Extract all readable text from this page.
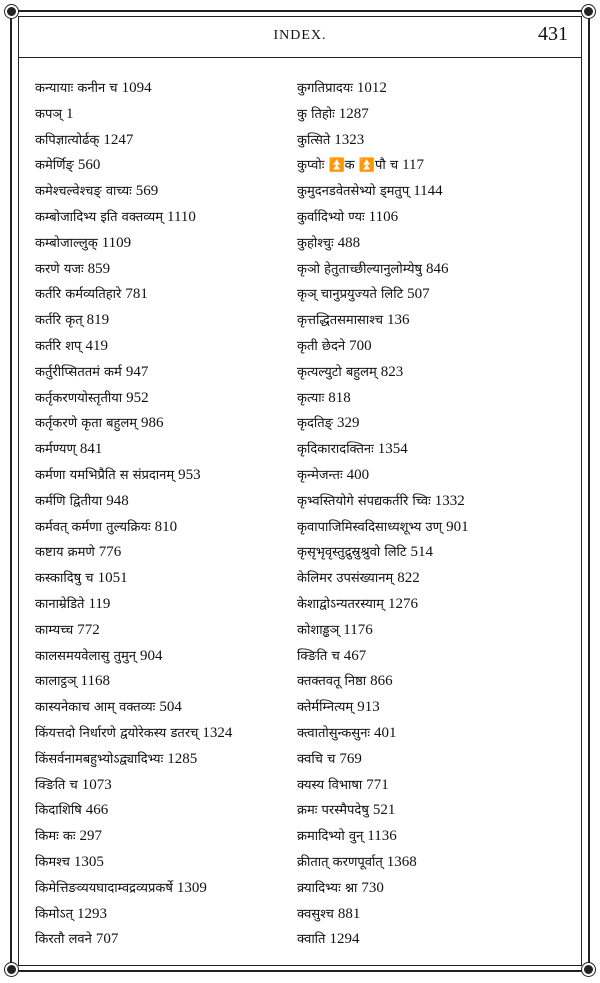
INDEX.	431
कन्यायाः कनीन च 1094
कपञ् 1
कपिज्ञात्योर्ढक् 1247
कमेर्णिङ् 560
कमेश्चल्वेश्चङ् वाच्यः 569
कम्बोजादिभ्य इति वक्तव्यम् 1110
कम्बोजाल्लुक् 1109
करणे यजः 859
कर्तरि कर्मव्यतिहारे 781
कर्तरि कृत् 819
कर्तरि शप् 419
कर्तुरीप्सिततमं कर्म 947
कर्तृकरणयोस्तृतीया 952
कर्तृकरणे कृता बहुलम् 986
कर्मण्यण् 841
कर्मणा यमभिप्रैति स संप्रदानम् 953
कर्मणि द्वितीया 948
कर्मवत् कर्मणा तुल्यक्रियः 810
कष्टाय क्रमणे 776
कस्कादिषु च 1051
कानाम्रेडिते 119
काम्यच्च 772
कालसमयवेलासु तुमुन् 904
कालाट्ठञ् 1168
कास्यनेकाच आम् वक्तव्यः 504
किंयत्तदो निर्धारणे द्वयोरेकस्य डतरच् 1324
किंसर्वनामबहुभ्योऽद्व्यादिभ्यः 1285
क्ङिति च 1073
किदाशिषि 466
किमः कः 297
किमश्च 1305
किमेत्तिङव्ययघादाम्वद्रव्यप्रकर्षे 1309
किमोऽत् 1293
किरतौ लवने 707
कुगतिप्रादयः 1012
कु तिहोः 1287
कुत्सिते 1323
कुप्वोः ⏫क ⏫पौ च 117
कुमुदनडवेतसेभ्यो ड्मतुप् 1144
कुर्वादिभ्यो ण्यः 1106
कुहोश्चुः 488
कृञो हेतुताच्छील्यानुलोम्येषु 846
कृञ् चानुप्रयुज्यते लिटि 507
कृत्तद्धितसमासाश्च 136
कृती छेदने 700
कृत्यल्युटो बहुलम् 823
कृत्याः 818
कृदतिङ् 329
कृदिकारादक्तिनः 1354
कृन्मेजन्तः 400
कृभ्वस्तियोगे संपद्यकर्तरि च्विः 1332
कृवापाजिमिस्वदिसाध्यशूभ्य उण् 901
कृसृभृवृस्तुद्रुस्रुश्रुवो लिटि 514
केलिमर उपसंख्यानम् 822
केशाद्वोऽन्यतरस्याम् 1276
कोशाड्ढञ् 1176
क्ङिति च 467
क्तक्तवतू निष्ठा 866
क्तेर्मम्नित्यम् 913
क्त्वातोसुन्कसुनः 401
क्वचि च 769
क्यस्य विभाषा 771
क्रमः परस्मैपदेषु 521
क्रमादिभ्यो वुन् 1136
क्रीतात् करणपूर्वात् 1368
क्र्यादिभ्यः श्ना 730
क्वसुश्च 881
क्वाति 1294
